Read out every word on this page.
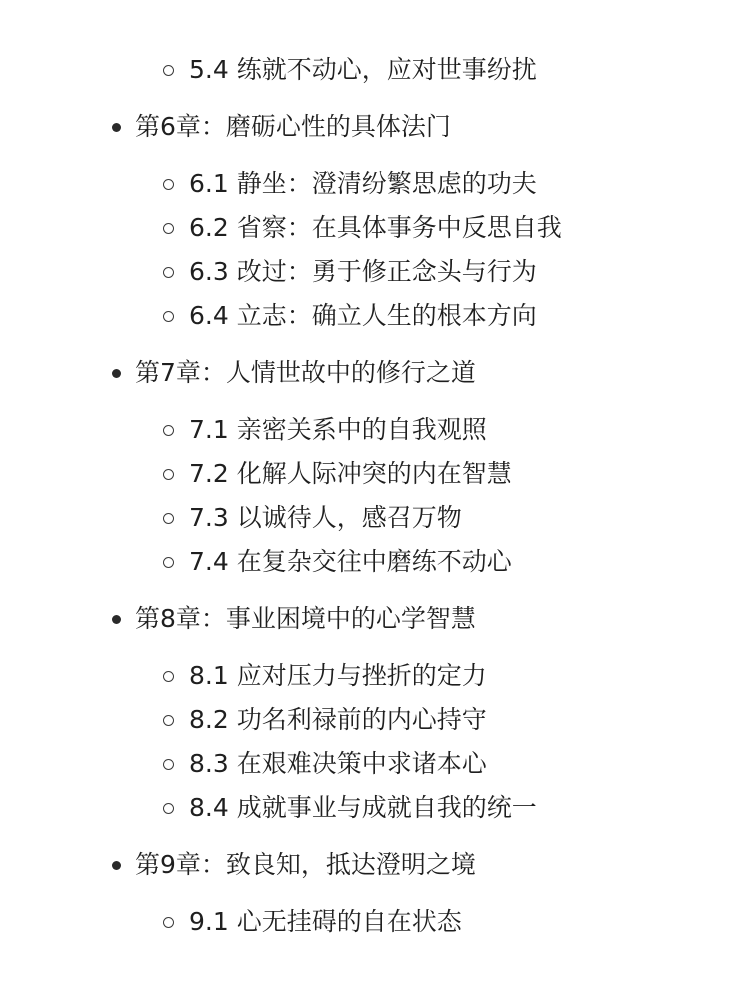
5.4 练就不动心，应对世事纷扰
第6章：磨砺心性的具体法门
6.1 静坐：澄清纷繁思虑的功夫
6.2 省察：在具体事务中反思自我
6.3 改过：勇于修正念头与行为
6.4 立志：确立人生的根本方向
第7章：人情世故中的修行之道
7.1 亲密关系中的自我观照
7.2 化解人际冲突的内在智慧
7.3 以诚待人，感召万物
7.4 在复杂交往中磨练不动心
第8章：事业困境中的心学智慧
8.1 应对压力与挫折的定力
8.2 功名利禄前的内心持守
8.3 在艰难决策中求诸本心
8.4 成就事业与成就自我的统一
第9章：致良知，抵达澄明之境
9.1 心无挂碍的自在状态
